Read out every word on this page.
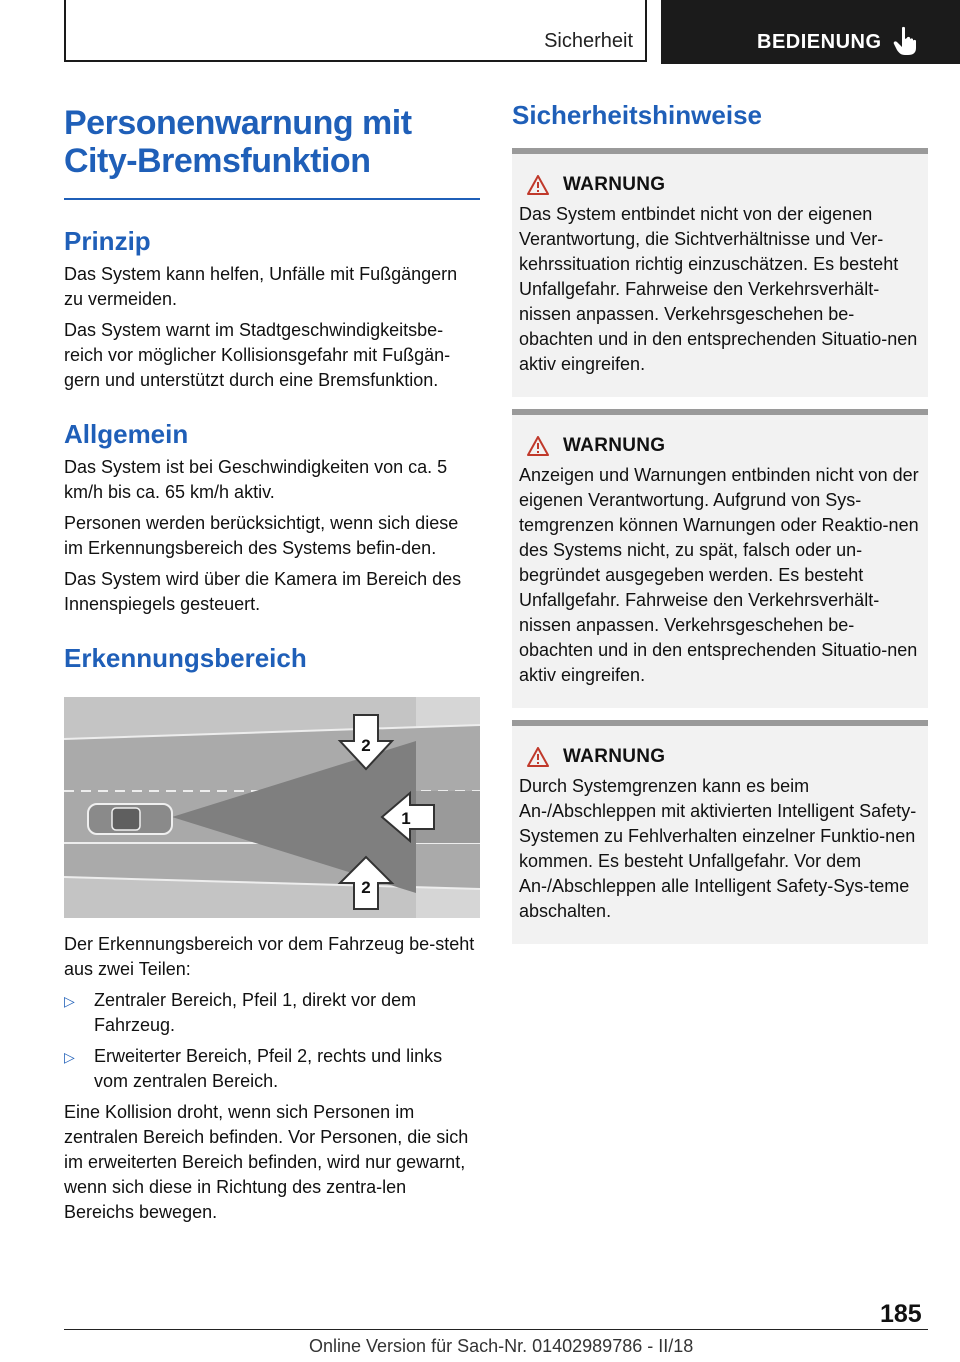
Sicherheit	BEDIENUNG
Personenwarnung mit City-Bremsfunktion
Prinzip

Das System kann helfen, Unfälle mit Fußgängern zu vermeiden.

Das System warnt im Stadtgeschwindigkeitsbe-reich vor möglicher Kollisionsgefahr mit Fußgän-gern und unterstützt durch eine Bremsfunktion.

Allgemein

Das System ist bei Geschwindigkeiten von ca. 5 km/h bis ca. 65 km/h aktiv.

Personen werden berücksichtigt, wenn sich diese im Erkennungsbereich des Systems befin-den.

Das System wird über die Kamera im Bereich des Innenspiegels gesteuert.

Erkennungsbereich
2
1
2

Der Erkennungsbereich vor dem Fahrzeug be-steht aus zwei Teilen:

▷ Zentraler Bereich, Pfeil 1, direkt vor dem Fahrzeug.
▷ Erweiterter Bereich, Pfeil 2, rechts und links vom zentralen Bereich.

Eine Kollision droht, wenn sich Personen im zentralen Bereich befinden. Vor Personen, die sich im erweiterten Bereich befinden, wird nur gewarnt, wenn sich diese in Richtung des zentra-len Bereichs bewegen.

Sicherheitshinweise
WARNUNG

Das System entbindet nicht von der eigenen Verantwortung, die Sichtverhältnisse und Ver-kehrssituation richtig einzuschätzen. Es besteht Unfallgefahr. Fahrweise den Verkehrsverhält-nissen anpassen. Verkehrsgeschehen be-obachten und in den entsprechenden Situatio-nen aktiv eingreifen.

WARNUNG

Anzeigen und Warnungen entbinden nicht von der eigenen Verantwortung. Aufgrund von Sys-temgrenzen können Warnungen oder Reaktio-nen des Systems nicht, zu spät, falsch oder un-begründet ausgegeben werden. Es besteht Unfallgefahr. Fahrweise den Verkehrsverhält-nissen anpassen. Verkehrsgeschehen be-obachten und in den entsprechenden Situatio-nen aktiv eingreifen.

WARNUNG

Durch Systemgrenzen kann es beim An-/Abschleppen mit aktivierten Intelligent Safety-Systemen zu Fehlverhalten einzelner Funktio-nen kommen. Es besteht Unfallgefahr. Vor dem An-/Abschleppen alle Intelligent Safety-Sys-teme abschalten.

185
Online Version für Sach-Nr. 01402989786 - II/18
